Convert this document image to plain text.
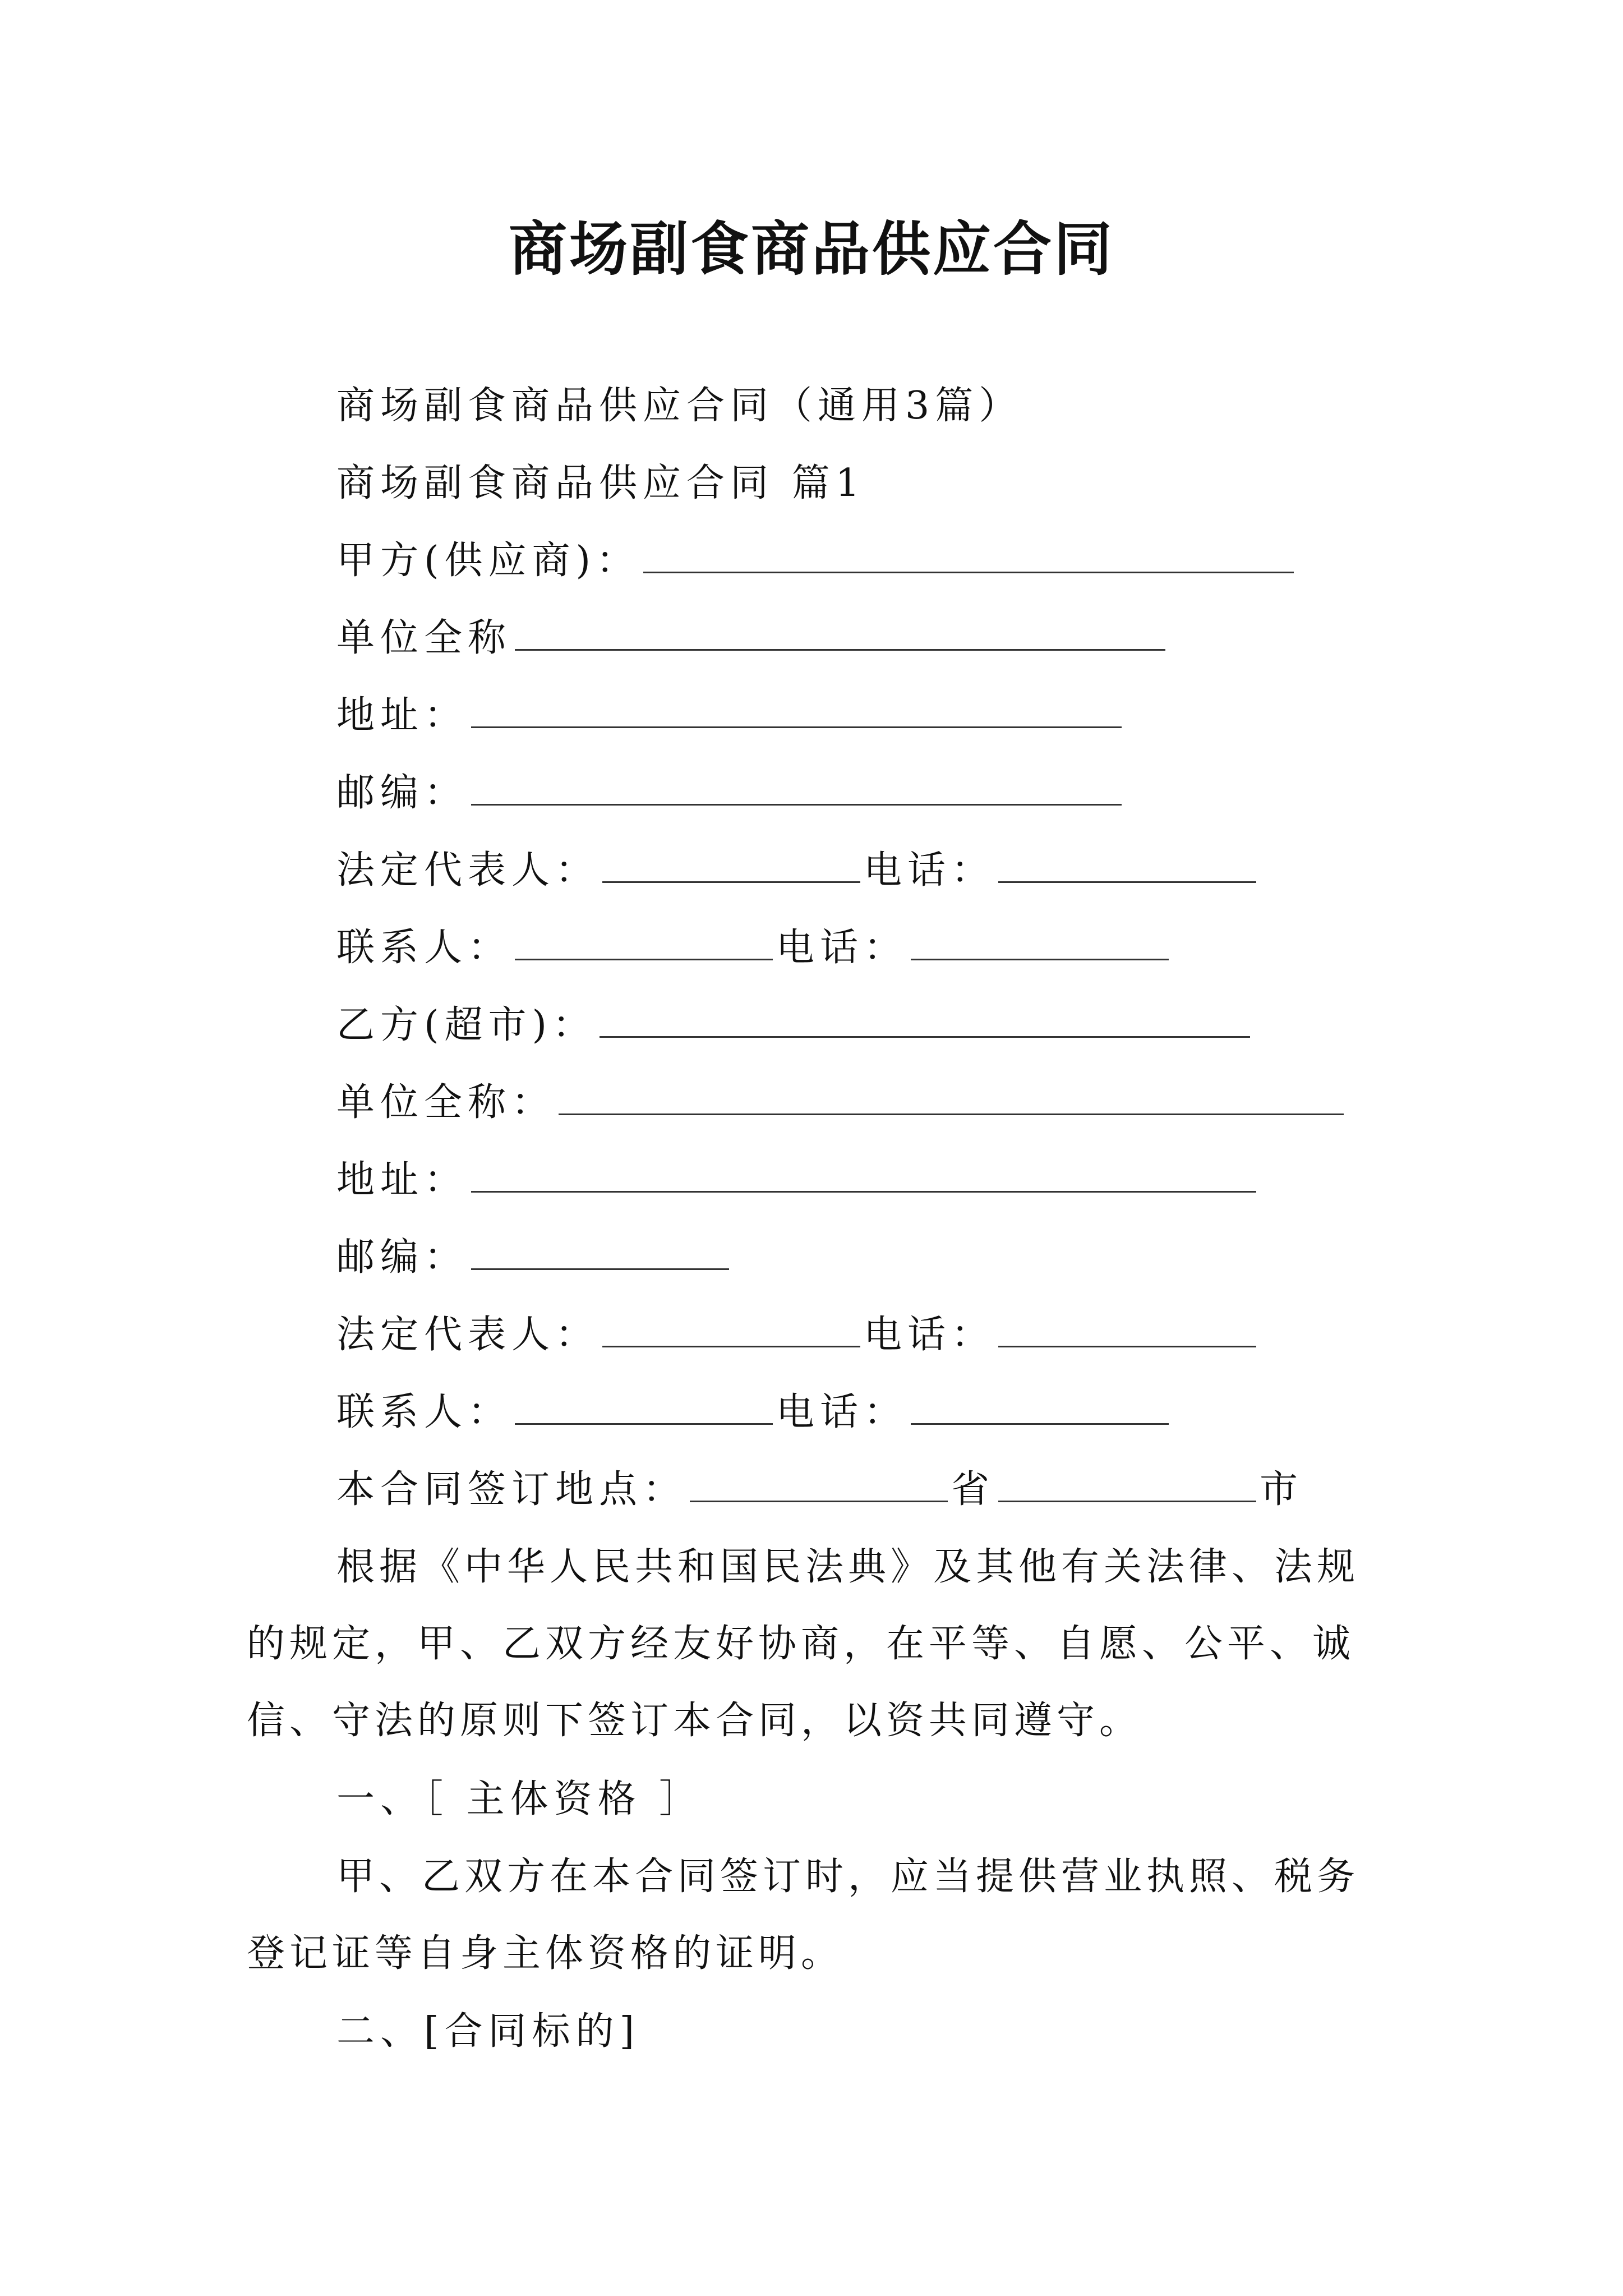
商场副食商品供应合同
商场副食商品供应合同（通用3篇）
商场副食商品供应合同 篇1
甲方(供应商)：
单位全称
地址：
邮编：
法定代表人：	电话：
联系人：	电话：
乙方(超市)：
单位全称：
地址：
邮编：
法定代表人：	电话：
联系人：	电话：
本合同签订地点：	省	市
根据《中华人民共和国民法典》及其他有关法律、法规的规定，甲、乙双方经友好协商，在平等、自愿、公平、诚信、守法的原则下签订本合同，以资共同遵守。
一、［ 主体资格 ］
甲、乙双方在本合同签订时，应当提供营业执照、税务登记证等自身主体资格的证明。
二、[合同标的]
